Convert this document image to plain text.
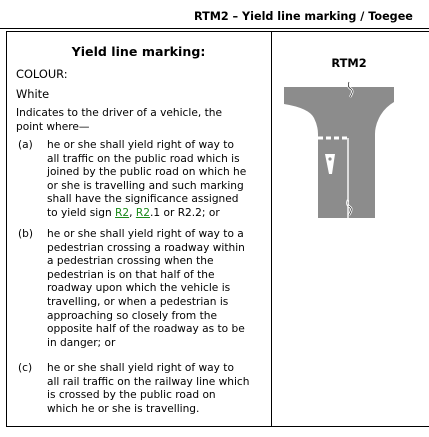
RTM2 – Yield line marking / Toegee
Yield line marking:
COLOUR:
White
Indicates to the driver of a vehicle, the
point where—
(a) he or she shall yield right of way to
all traffic on the public road which is
joined by the public road on which he
or she is travelling and such marking
shall have the significance assigned
to yield sign R2, R2.1 or R2.2; or
(b) he or she shall yield right of way to a
pedestrian crossing a roadway within
a pedestrian crossing when the
pedestrian is on that half of the
roadway upon which the vehicle is
travelling, or when a pedestrian is
approaching so closely from the
opposite half of the roadway as to be
in danger; or
(c) he or she shall yield right of way to
all rail traffic on the railway line which
is crossed by the public road on
which he or she is travelling.
RTM2
